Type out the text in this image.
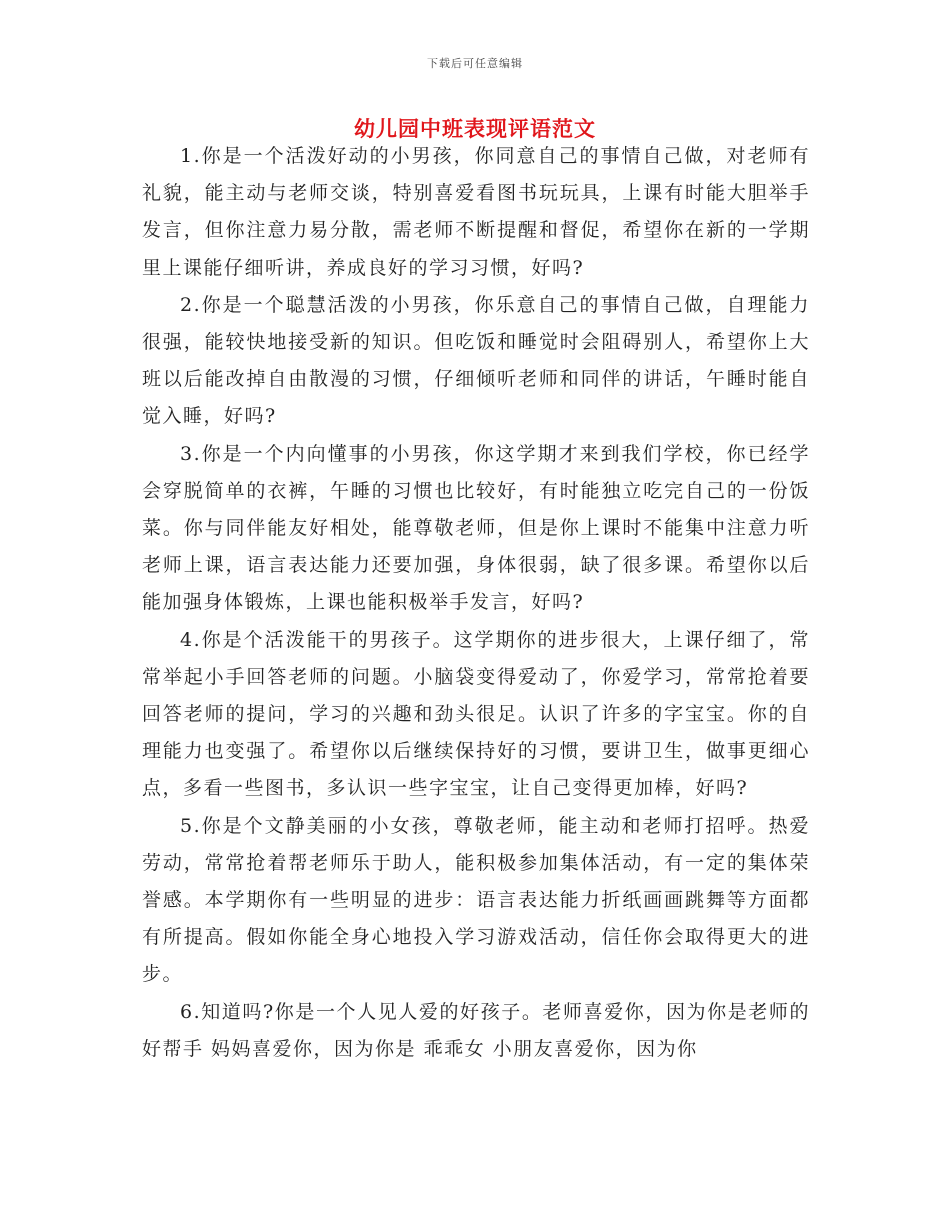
下载后可任意编辑
幼儿园中班表现评语范文

1.你是一个活泼好动的小男孩，你同意自己的事情自己做，对老师有礼貌，能主动与老师交谈，特别喜爱看图书玩玩具，上课有时能大胆举手发言，但你注意力易分散，需老师不断提醒和督促，希望你在新的一学期里上课能仔细听讲，养成良好的学习习惯，好吗?

2.你是一个聪慧活泼的小男孩，你乐意自己的事情自己做，自理能力很强，能较快地接受新的知识。但吃饭和睡觉时会阻碍别人，希望你上大班以后能改掉自由散漫的习惯，仔细倾听老师和同伴的讲话，午睡时能自觉入睡，好吗?

3.你是一个内向懂事的小男孩，你这学期才来到我们学校，你已经学会穿脱简单的衣裤，午睡的习惯也比较好，有时能独立吃完自己的一份饭菜。你与同伴能友好相处，能尊敬老师，但是你上课时不能集中注意力听老师上课，语言表达能力还要加强，身体很弱，缺了很多课。希望你以后能加强身体锻炼，上课也能积极举手发言，好吗?

4.你是个活泼能干的男孩子。这学期你的进步很大，上课仔细了，常常举起小手回答老师的问题。小脑袋变得爱动了，你爱学习，常常抢着要回答老师的提问，学习的兴趣和劲头很足。认识了许多的字宝宝。你的自理能力也变强了。希望你以后继续保持好的习惯，要讲卫生，做事更细心点，多看一些图书，多认识一些字宝宝，让自己变得更加棒，好吗?

5.你是个文静美丽的小女孩，尊敬老师，能主动和老师打招呼。热爱劳动，常常抢着帮老师乐于助人，能积极参加集体活动，有一定的集体荣誉感。本学期你有一些明显的进步：语言表达能力折纸画画跳舞等方面都有所提高。假如你能全身心地投入学习游戏活动，信任你会取得更大的进步。

6.知道吗?你是一个人见人爱的好孩子。老师喜爱你，因为你是老师的 好帮手 妈妈喜爱你，因为你是 乖乖女 小朋友喜爱你，因为你
